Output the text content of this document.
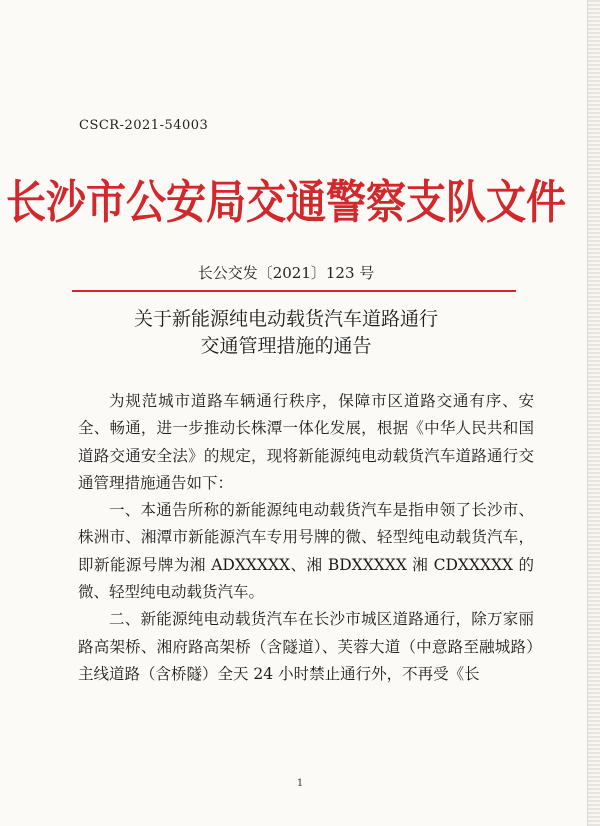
CSCR-2021-54003
长沙市公安局交通警察支队文件
长公交发〔2021〕123 号
关于新能源纯电动载货汽车道路通行
交通管理措施的通告

为规范城市道路车辆通行秩序，保障市区道路交通有序、安全、畅通，进一步推动长株潭一体化发展，根据《中华人民共和国道路交通安全法》的规定，现将新能源纯电动载货汽车道路通行交通管理措施通告如下：

一、本通告所称的新能源纯电动载货汽车是指申领了长沙市、株洲市、湘潭市新能源汽车专用号牌的微、轻型纯电动载货汽车，即新能源号牌为湘 ADXXXXX、湘 BDXXXXX 湘 CDXXXXX 的微、轻型纯电动载货汽车。

二、新能源纯电动载货汽车在长沙市城区道路通行，除万家丽路高架桥、湘府路高架桥（含隧道）、芙蓉大道（中意路至融城路）主线道路（含桥隧）全天 24 小时禁止通行外，不再受《长

1
